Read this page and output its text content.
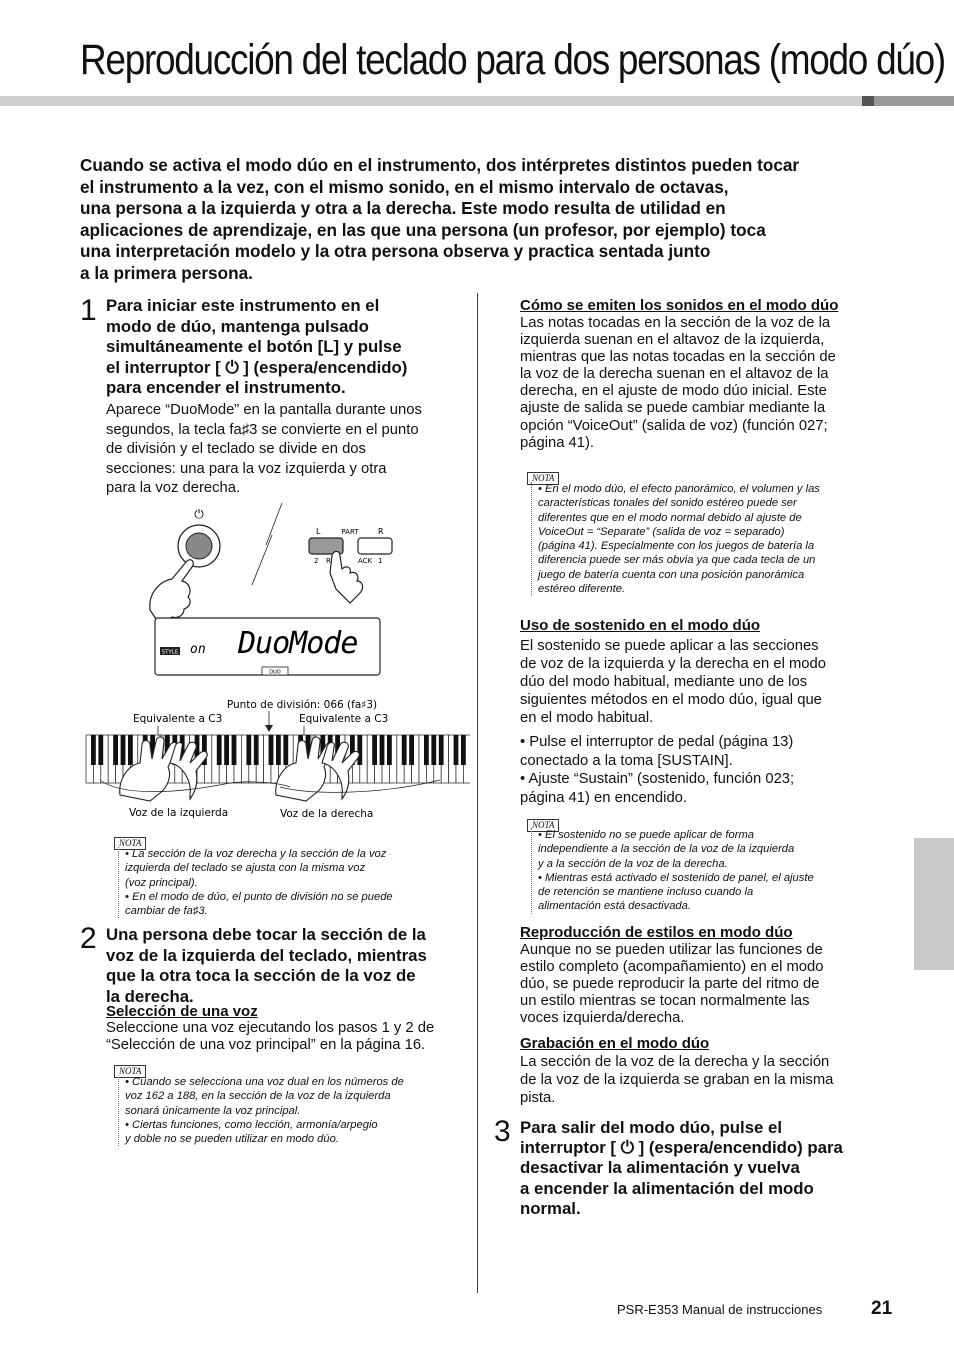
Reproducción del teclado para dos personas (modo dúo)
Cuando se activa el modo dúo en el instrumento, dos intérpretes distintos pueden tocar
el instrumento a la vez, con el mismo sonido, en el mismo intervalo de octavas,
una persona a la izquierda y otra a la derecha. Este modo resulta de utilidad en
aplicaciones de aprendizaje, en las que una persona (un profesor, por ejemplo) toca
una interpretación modelo y la otra persona observa y practica sentada junto
a la primera persona.
1 Para iniciar este instrumento en el
modo de dúo, mantenga pulsado
simultáneamente el botón [L] y pulse
el interruptor [ ⏻ ] (espera/encendido)
para encender el instrumento.
Aparece “DuoMode” en la pantalla durante unos
segundos, la tecla fa♯3 se convierte en el punto
de división y el teclado se divide en dos
secciones: una para la voz izquierda y otra
para la voz derecha.
⏻
L	PART R
2 R	ACK 1
STYLE on DuoMode
DUO
Punto de división: 066 (fa♯3)
Equivalente a C3	Equivalente a C3
Voz de la izquierda	Voz de la derecha
NOTA
• La sección de la voz derecha y la sección de la voz
izquierda del teclado se ajusta con la misma voz
(voz principal).
• En el modo de dúo, el punto de división no se puede
cambiar de fa♯3.
2 Una persona debe tocar la sección de la
voz de la izquierda del teclado, mientras
que la otra toca la sección de la voz de
la derecha.
Selección de una voz
Seleccione una voz ejecutando los pasos 1 y 2 de
“Selección de una voz principal” en la página 16.
NOTA
• Cuando se selecciona una voz dual en los números de
voz 162 a 188, en la sección de la voz de la izquierda
sonará únicamente la voz principal.
• Ciertas funciones, como lección, armonía/arpegio
y doble no se pueden utilizar en modo dúo.
Cómo se emiten los sonidos en el modo dúo
Las notas tocadas en la sección de la voz de la
izquierda suenan en el altavoz de la izquierda,
mientras que las notas tocadas en la sección de
la voz de la derecha suenan en el altavoz de la
derecha, en el ajuste de modo dúo inicial. Este
ajuste de salida se puede cambiar mediante la
opción “VoiceOut” (salida de voz) (función 027;
página 41).
NOTA
• En el modo dúo, el efecto panorámico, el volumen y las
características tonales del sonido estéreo puede ser
diferentes que en el modo normal debido al ajuste de
VoiceOut = “Separate” (salida de voz = separado)
(página 41). Especialmente con los juegos de batería la
diferencia puede ser más obvia ya que cada tecla de un
juego de batería cuenta con una posición panorámica
estéreo diferente.
Uso de sostenido en el modo dúo
El sostenido se puede aplicar a las secciones
de voz de la izquierda y la derecha en el modo
dúo del modo habitual, mediante uno de los
siguientes métodos en el modo dúo, igual que
en el modo habitual.
• Pulse el interruptor de pedal (página 13)
conectado a la toma [SUSTAIN].
• Ajuste “Sustain” (sostenido, función 023;
página 41) en encendido.
NOTA
• El sostenido no se puede aplicar de forma
independiente a la sección de la voz de la izquierda
y a la sección de la voz de la derecha.
• Mientras está activado el sostenido de panel, el ajuste
de retención se mantiene incluso cuando la
alimentación está desactivada.
Reproducción de estilos en modo dúo
Aunque no se pueden utilizar las funciones de
estilo completo (acompañamiento) en el modo
dúo, se puede reproducir la parte del ritmo de
un estilo mientras se tocan normalmente las
voces izquierda/derecha.
Grabación en el modo dúo
La sección de la voz de la derecha y la sección
de la voz de la izquierda se graban en la misma
pista.
3 Para salir del modo dúo, pulse el
interruptor [ ⏻ ] (espera/encendido) para
desactivar la alimentación y vuelva
a encender la alimentación del modo
normal.
PSR-E353 Manual de instrucciones	21
